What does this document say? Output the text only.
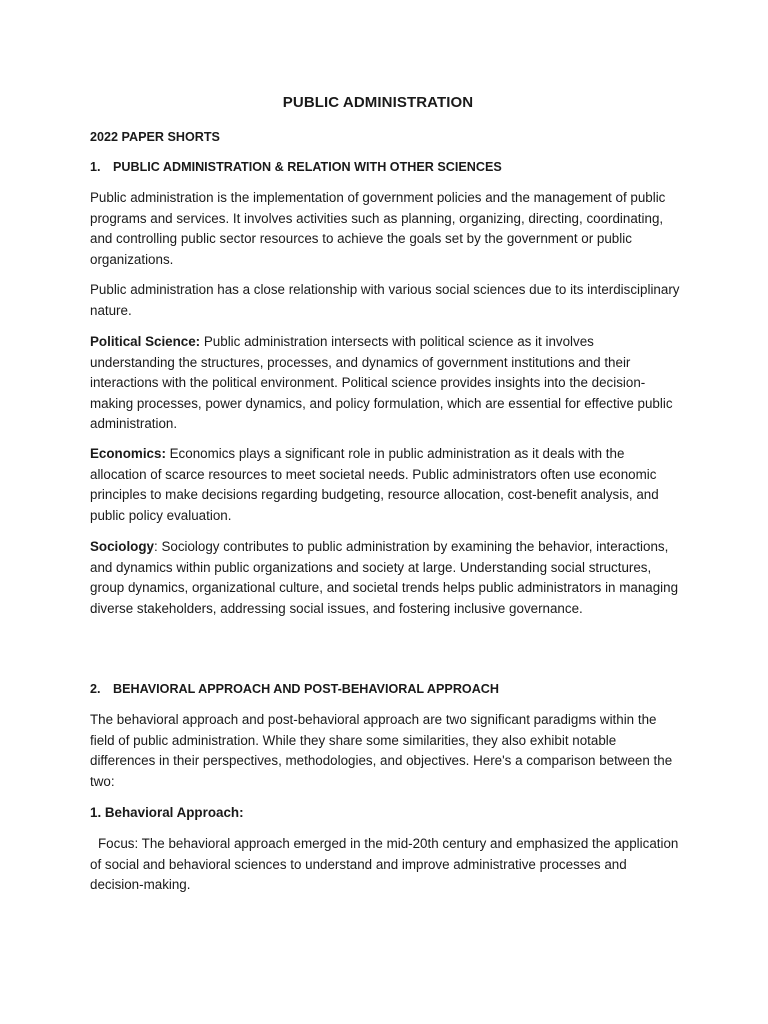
PUBLIC ADMINISTRATION
2022 PAPER SHORTS
1. PUBLIC ADMINISTRATION & RELATION WITH OTHER SCIENCES
Public administration is the implementation of government policies and the management of public programs and services. It involves activities such as planning, organizing, directing, coordinating, and controlling public sector resources to achieve the goals set by the government or public organizations.
Public administration has a close relationship with various social sciences due to its interdisciplinary nature.
Political Science: Public administration intersects with political science as it involves understanding the structures, processes, and dynamics of government institutions and their interactions with the political environment. Political science provides insights into the decision-making processes, power dynamics, and policy formulation, which are essential for effective public administration.
Economics: Economics plays a significant role in public administration as it deals with the allocation of scarce resources to meet societal needs. Public administrators often use economic principles to make decisions regarding budgeting, resource allocation, cost-benefit analysis, and public policy evaluation.
Sociology: Sociology contributes to public administration by examining the behavior, interactions, and dynamics within public organizations and society at large. Understanding social structures, group dynamics, organizational culture, and societal trends helps public administrators in managing diverse stakeholders, addressing social issues, and fostering inclusive governance.
2. BEHAVIORAL APPROACH AND POST-BEHAVIORAL APPROACH
The behavioral approach and post-behavioral approach are two significant paradigms within the field of public administration. While they share some similarities, they also exhibit notable differences in their perspectives, methodologies, and objectives. Here's a comparison between the two:
1. Behavioral Approach:
Focus: The behavioral approach emerged in the mid-20th century and emphasized the application of social and behavioral sciences to understand and improve administrative processes and decision-making.
